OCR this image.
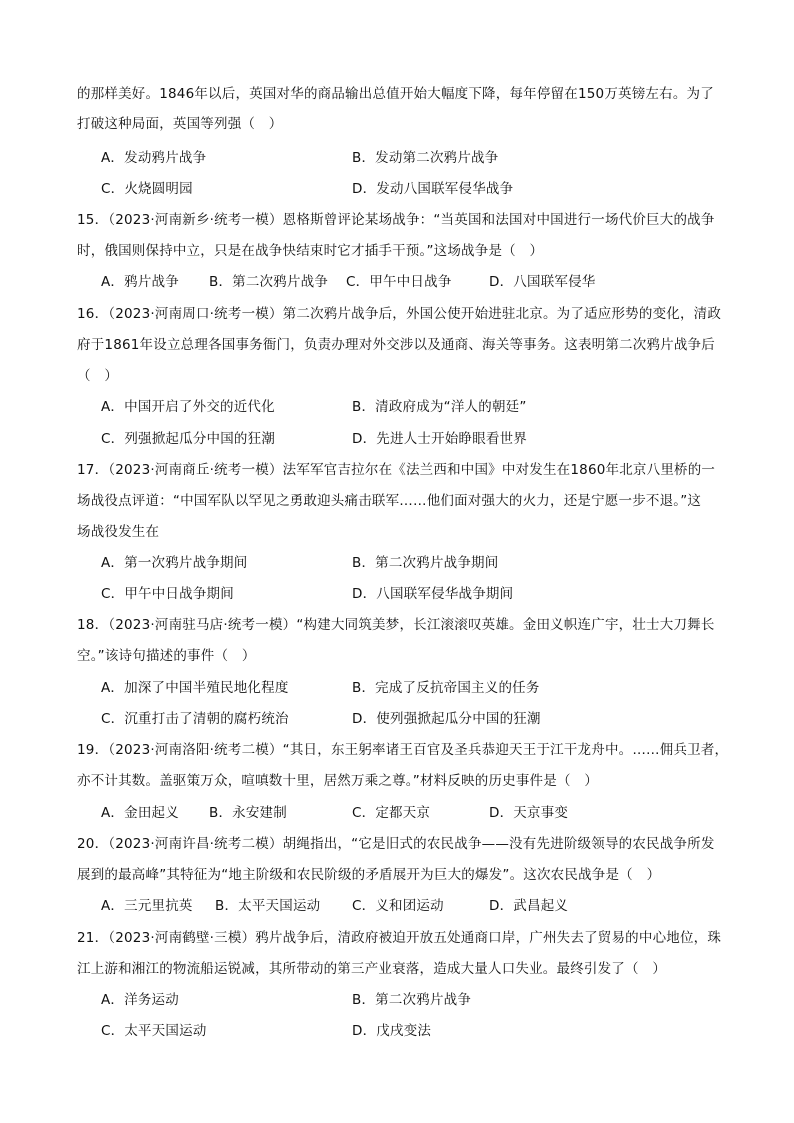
的那样美好。1846年以后，英国对华的商品输出总值开始大幅度下降，每年停留在150万英镑左右。为了
打破这种局面，英国等列强（　）
A．发动鸦片战争	B．发动第二次鸦片战争
C．火烧圆明园	D．发动八国联军侵华战争
15．（2023·河南新乡·统考一模）恩格斯曾评论某场战争：“当英国和法国对中国进行一场代价巨大的战争
时，俄国则保持中立，只是在战争快结束时它才插手干预。”这场战争是（　）
A．鸦片战争 B．第二次鸦片战争 C．甲午中日战争	D．八国联军侵华
16．（2023·河南周口·统考一模）第二次鸦片战争后，外国公使开始进驻北京。为了适应形势的变化，清政
府于1861年设立总理各国事务衙门，负责办理对外交涉以及通商、海关等事务。这表明第二次鸦片战争后
（　）
A．中国开启了外交的近代化	B．清政府成为“洋人的朝廷”
C．列强掀起瓜分中国的狂潮	D．先进人士开始睁眼看世界
17．（2023·河南商丘·统考一模）法军军官吉拉尔在《法兰西和中国》中对发生在1860年北京八里桥的一
场战役点评道：“中国军队以罕见之勇敢迎头痛击联军……他们面对强大的火力，还是宁愿一步不退。”这
场战役发生在
A．第一次鸦片战争期间	B．第二次鸦片战争期间
C．甲午中日战争期间	D．八国联军侵华战争期间
18．（2023·河南驻马店·统考一模）“构建大同筑美梦，长江滚滚叹英雄。金田义帜连广宇，壮士大刀舞长
空。”该诗句描述的事件（　）
A．加深了中国半殖民地化程度	B．完成了反抗帝国主义的任务
C．沉重打击了清朝的腐朽统治	D．使列强掀起瓜分中国的狂潮
19．（2023·河南洛阳·统考二模）“其日，东王躬率诸王百官及圣兵恭迎天王于江干龙舟中。……佣兵卫者，
亦不计其数。盖驱策万众，喧嗔数十里，居然万乘之尊。”材料反映的历史事件是（　）
A．金田起义 B．永安建制	C．定都天京	D．天京事变
20．（2023·河南许昌·统考二模）胡绳指出，“它是旧式的农民战争——没有先进阶级领导的农民战争所发
展到的最高峰”其特征为“地主阶级和农民阶级的矛盾展开为巨大的爆发”。这次农民战争是（　）
A．三元里抗英 B．太平天国运动 C．义和团运动	D．武昌起义
21．（2023·河南鹤壁·三模）鸦片战争后，清政府被迫开放五处通商口岸，广州失去了贸易的中心地位，珠
江上游和湘江的物流船运锐减，其所带动的第三产业衰落，造成大量人口失业。最终引发了（　）
A．洋务运动	B．第二次鸦片战争
C．太平天国运动	D．戊戌变法
